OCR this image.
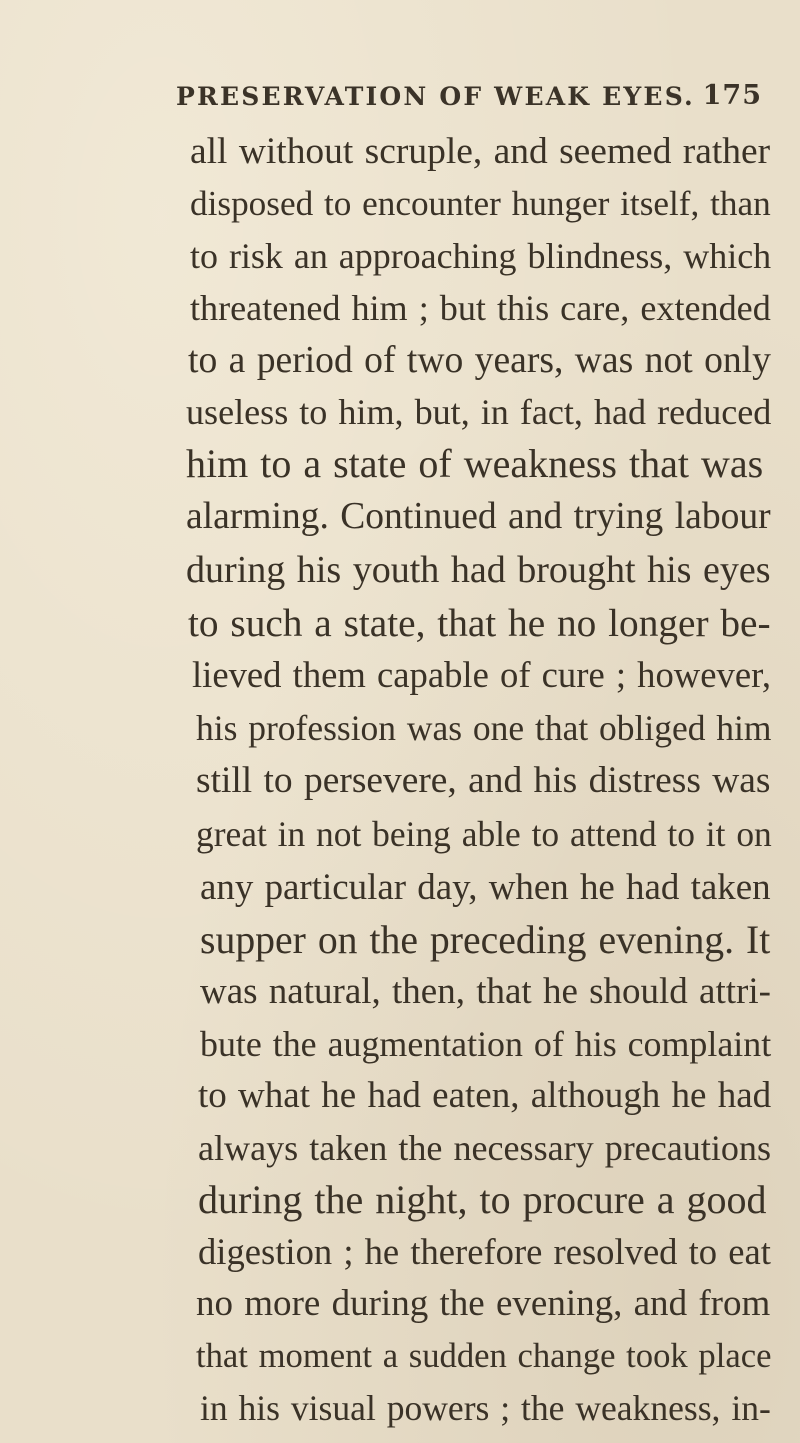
PRESERVATION OF WEAK EYES. 175
all without scruple, and seemed rather
disposed to encounter hunger itself, than
to risk an approaching blindness, which
threatened him ; but this care, extended
to a period of two years, was not only
useless to him, but, in fact, had reduced
him to a state of weakness that was
alarming. Continued and trying labour
during his youth had brought his eyes
to such a state, that he no longer be-
lieved them capable of cure ; however,
his profession was one that obliged him
still to persevere, and his distress was
great in not being able to attend to it on
any particular day, when he had taken
supper on the preceding evening. It
was natural, then, that he should attri-
bute the augmentation of his complaint
to what he had eaten, although he had
always taken the necessary precautions
during the night, to procure a good
digestion ; he therefore resolved to eat
no more during the evening, and from
that moment a sudden change took place
in his visual powers ; the weakness, in-
